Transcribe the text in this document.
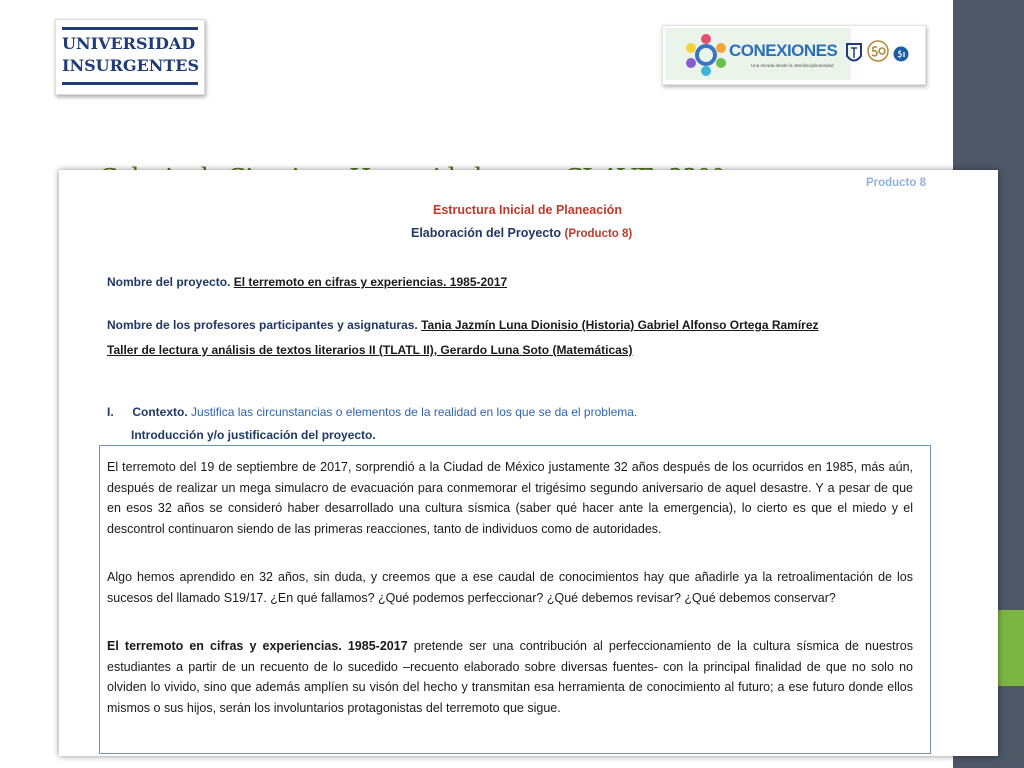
UNIVERSIDAD
INSURGENTES
CONEXIONES
Una mirada desde la interdisciplinariedad

Producto 8
Estructura Inicial de Planeación
Elaboración del Proyecto (Producto 8)
Nombre del proyecto. El terremoto en cifras y experiencias. 1985-2017
Nombre de los profesores participantes y asignaturas. Tania Jazmín Luna Dionisio (Historia) Gabriel Alfonso Ortega Ramírez
Taller de lectura y análisis de textos literarios II (TLATL II), Gerardo Luna Soto (Matemáticas)
I. Contexto. Justifica las circunstancias o elementos de la realidad en los que se da el problema.
Introducción y/o justificación del proyecto.
El terremoto del 19 de septiembre de 2017, sorprendió a la Ciudad de México justamente 32 años después de los ocurridos en 1985, más aún, después de realizar un mega simulacro de evacuación para conmemorar el trigésimo segundo aniversario de aquel desastre. Y a pesar de que en esos 32 años se consideró haber desarrollado una cultura sísmica (saber qué hacer ante la emergencia), lo cierto es que el miedo y el descontrol continuaron siendo de las primeras reacciones, tanto de individuos como de autoridades.
Algo hemos aprendido en 32 años, sin duda, y creemos que a ese caudal de conocimientos hay que añadirle ya la retroalimentación de los sucesos del llamado S19/17. ¿En qué fallamos? ¿Qué podemos perfeccionar? ¿Qué debemos revisar? ¿Qué debemos conservar?
El terremoto en cifras y experiencias. 1985-2017 pretende ser una contribución al perfeccionamiento de la cultura sísmica de nuestros estudiantes a partir de un recuento de lo sucedido –recuento elaborado sobre diversas fuentes- con la principal finalidad de que no solo no olviden lo vivido, sino que además amplíen su visón del hecho y transmitan esa herramienta de conocimiento al futuro; a ese futuro donde ellos mismos o sus hijos, serán los involuntarios protagonistas del terremoto que sigue.
